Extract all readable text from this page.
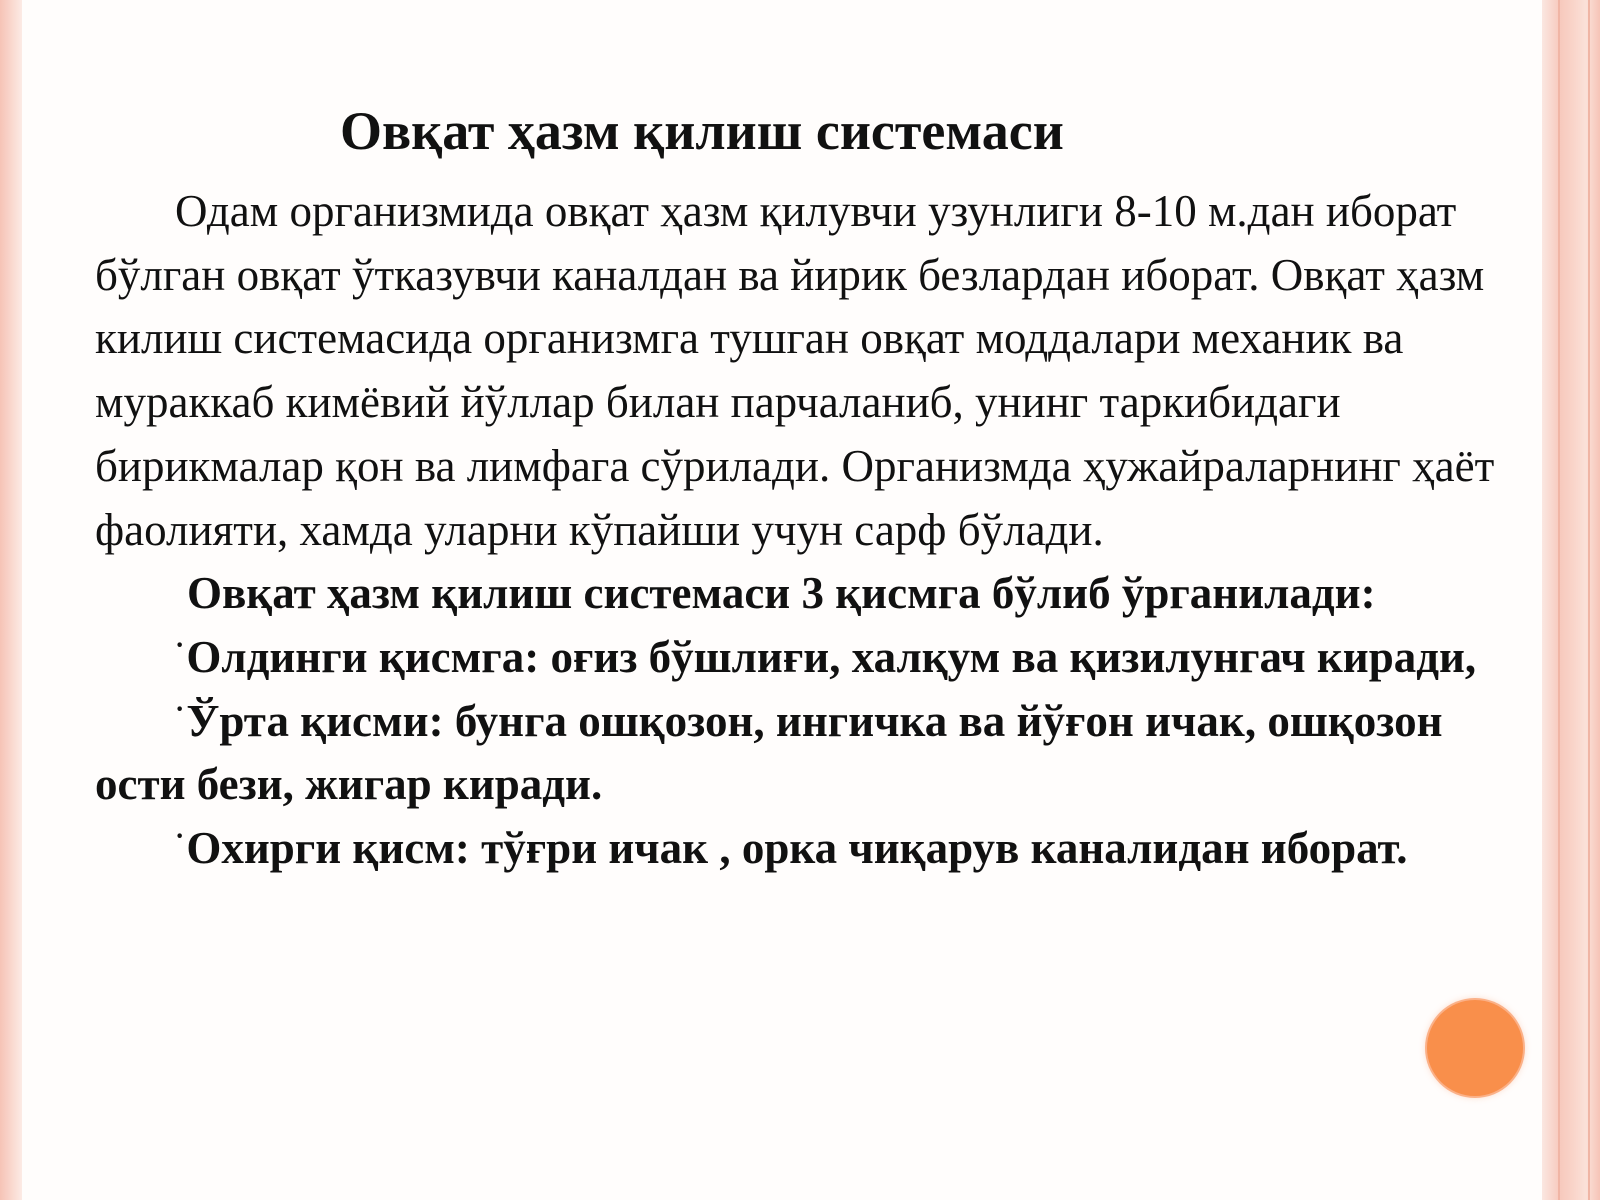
Овқат ҳазм қилиш системаси

Одам организмида овқат ҳазм қилувчи узунлиги 8-10 м.дан иборат бўлган овқат ўтказувчи каналдан ва йирик безлардан иборат. Овқат ҳазм килиш системасида организмга тушган овқат моддалари механик ва мураккаб кимёвий йўллар билан парчаланиб, унинг таркибидаги бирикмалар қон ва лимфага сўрилади. Организмда ҳужайраларнинг ҳаёт фаолияти, хамда уларни кўпайши учун сарф бўлади.

Овқат ҳазм қилиш системаси 3 қисмга бўлиб ўрганилади:

·Олдинги қисмга: оғиз бўшлиғи, халқум ва қизилунгач киради,

·Ўрта қисми: бунга ошқозон, ингичка ва йўғон ичак, ошқозон ости бези, жигар киради.

·Охирги қисм: тўғри ичак , орка чиқарув каналидан иборат.
